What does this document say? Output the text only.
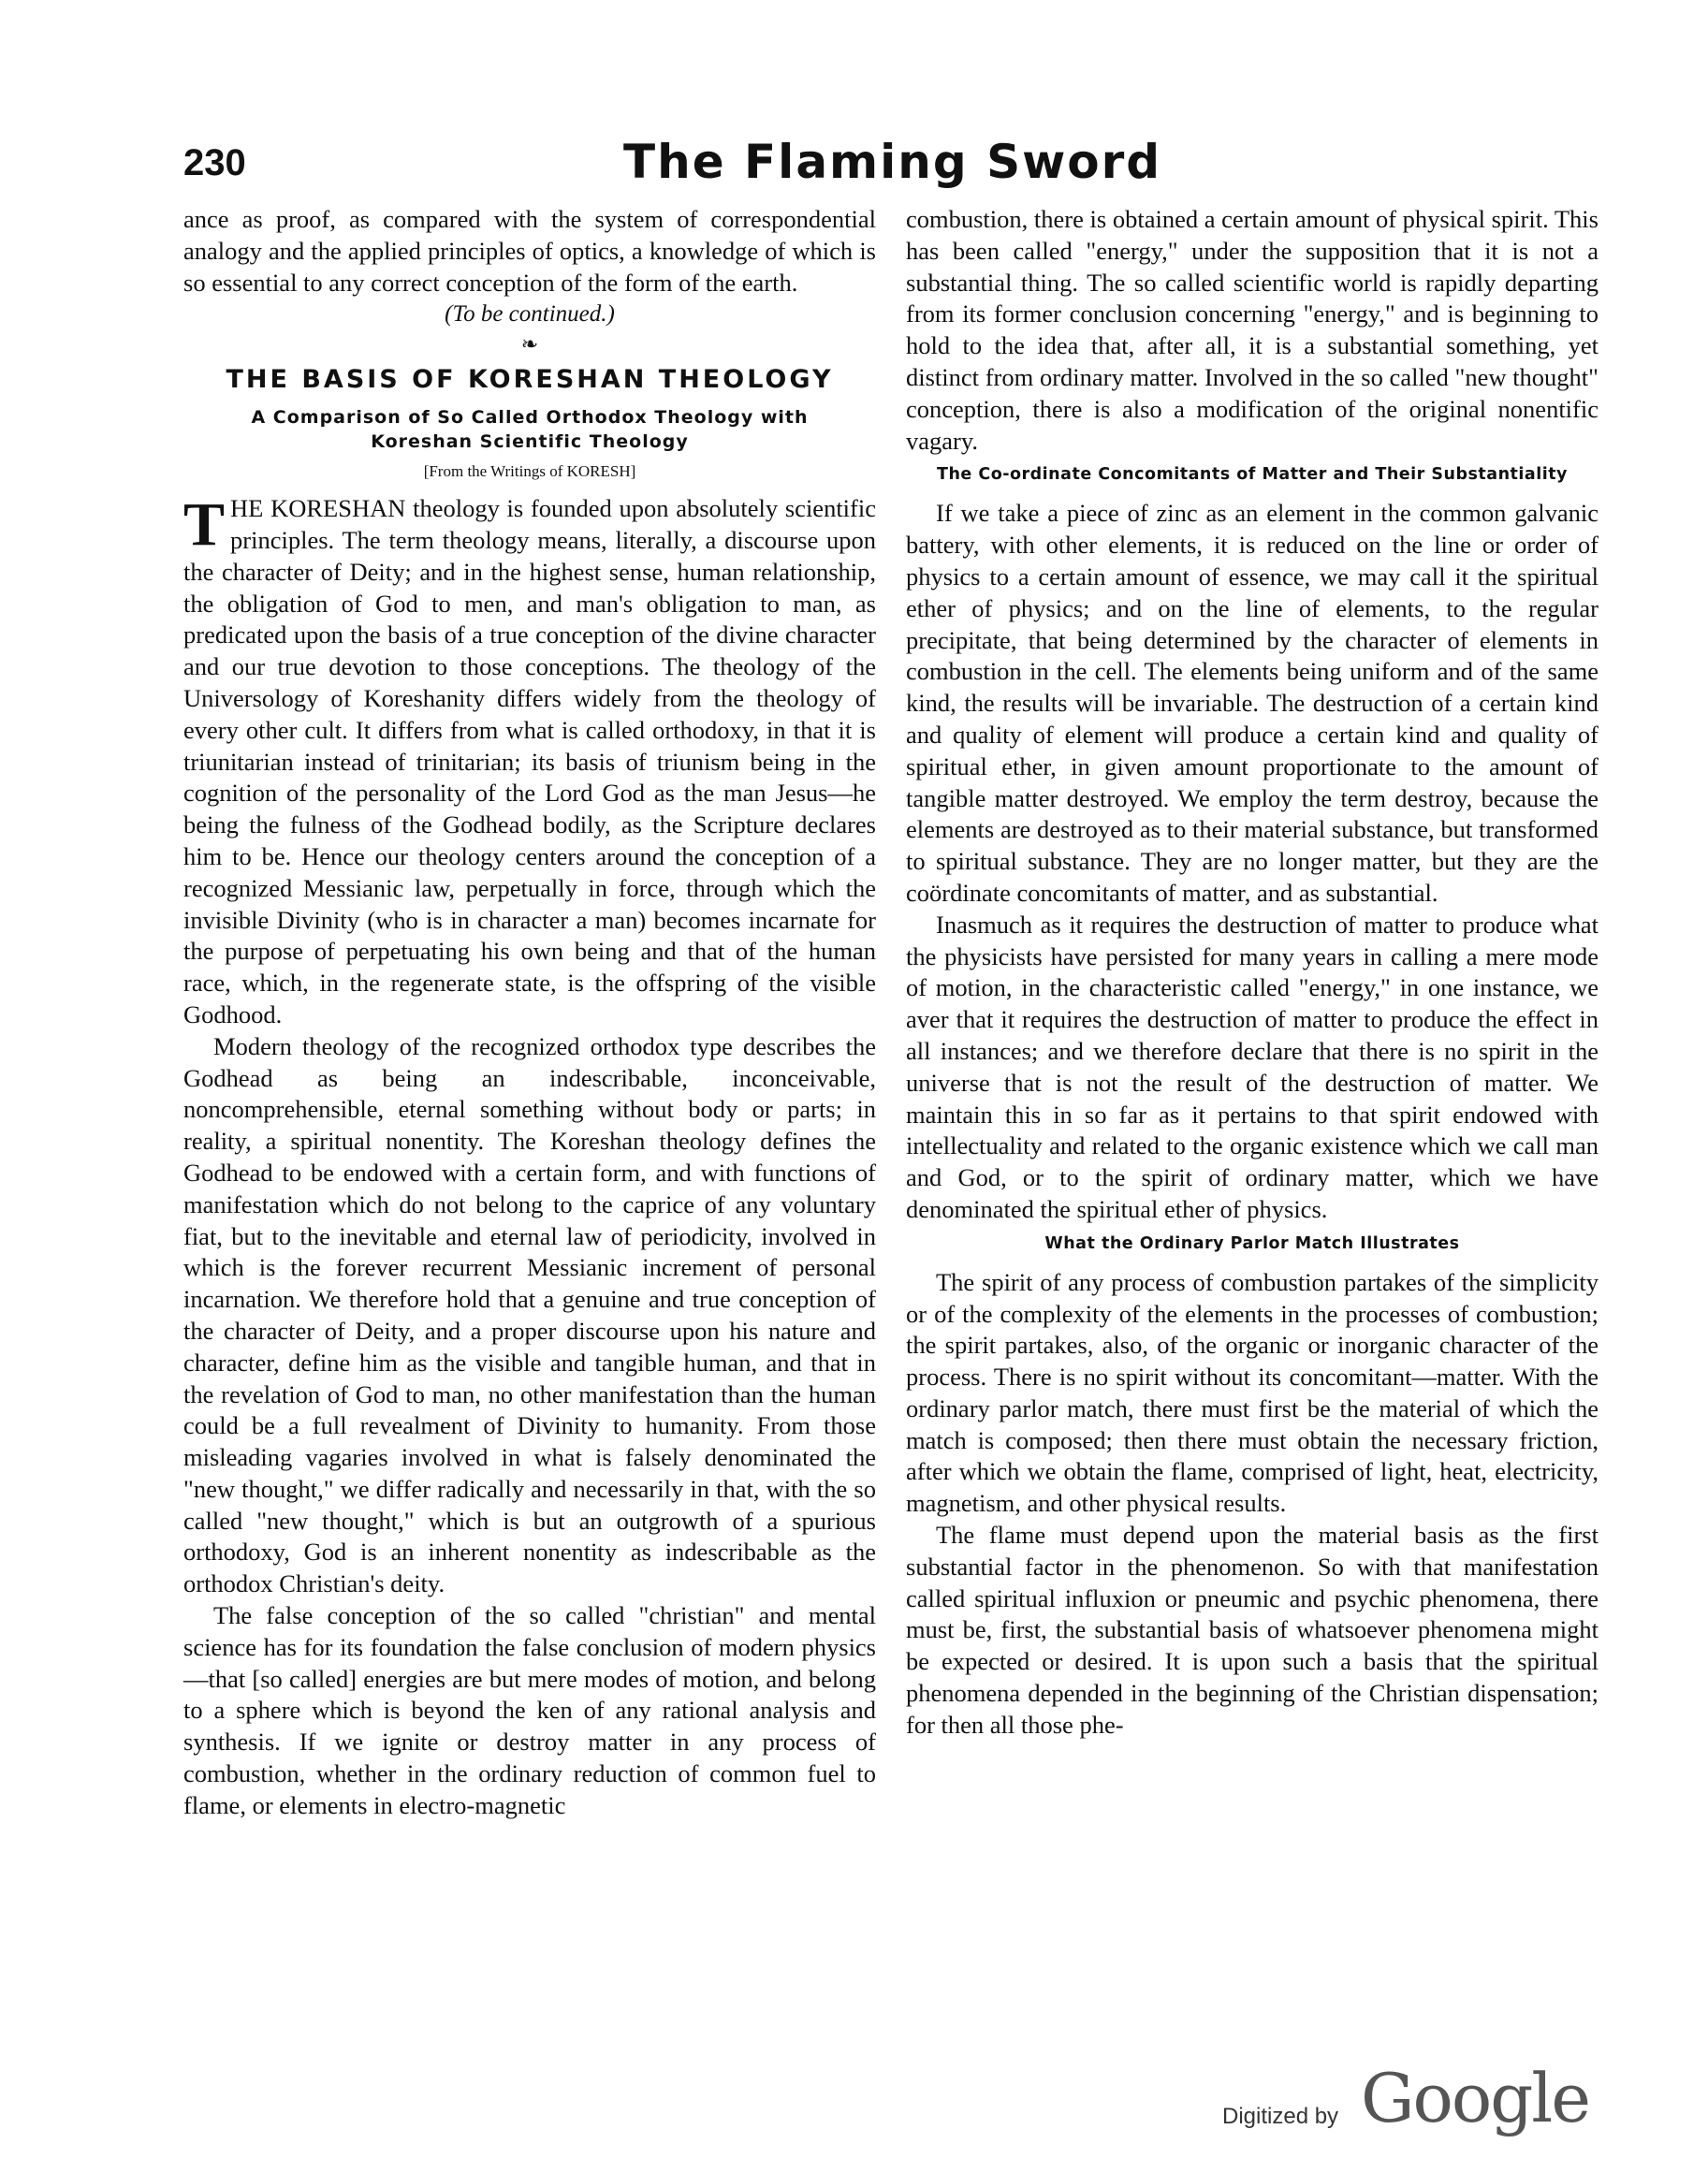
230	The Flaming Sword

ance as proof, as compared with the system of correspondential analogy and the applied principles of optics, a knowledge of which is so essential to any correct conception of the form of the earth.

(To be continued.)

❧

THE BASIS OF KORESHAN THEOLOGY
A Comparison of So Called Orthodox Theology with Koreshan Scientific Theology
[From the Writings of KORESH]

THE KORESHAN theology is founded upon absolutely scientific principles. The term theology means, literally, a discourse upon the character of Deity; and in the highest sense, human relationship, the obligation of God to men, and man's obligation to man, as predicated upon the basis of a true conception of the divine character and our true devotion to those conceptions. The theology of the Universology of Koreshanity differs widely from the theology of every other cult. It differs from what is called orthodoxy, in that it is triunitarian instead of trinitarian; its basis of triunism being in the cognition of the personality of the Lord God as the man Jesus—he being the fulness of the Godhead bodily, as the Scripture declares him to be. Hence our theology centers around the conception of a recognized Messianic law, perpetually in force, through which the invisible Divinity (who is in character a man) becomes incarnate for the purpose of perpetuating his own being and that of the human race, which, in the regenerate state, is the offspring of the visible Godhood.

Modern theology of the recognized orthodox type describes the Godhead as being an indescribable, inconceivable, noncomprehensible, eternal something without body or parts; in reality, a spiritual nonentity. The Koreshan theology defines the Godhead to be endowed with a certain form, and with functions of manifestation which do not belong to the caprice of any voluntary fiat, but to the inevitable and eternal law of periodicity, involved in which is the forever recurrent Messianic increment of personal incarnation. We therefore hold that a genuine and true conception of the character of Deity, and a proper discourse upon his nature and character, define him as the visible and tangible human, and that in the revelation of God to man, no other manifestation than the human could be a full revealment of Divinity to humanity. From those misleading vagaries involved in what is falsely denominated the "new thought," we differ radically and necessarily in that, with the so called "new thought," which is but an outgrowth of a spurious orthodoxy, God is an inherent nonentity as indescribable as the orthodox Christian's deity.

The false conception of the so called "christian" and mental science has for its foundation the false conclusion of modern physics—that [so called] energies are but mere modes of motion, and belong to a sphere which is beyond the ken of any rational analysis and synthesis. If we ignite or destroy matter in any process of combustion, whether in the ordinary reduction of common fuel to flame, or elements in electro-magnetic

combustion, there is obtained a certain amount of physical spirit. This has been called "energy," under the supposition that it is not a substantial thing. The so called scientific world is rapidly departing from its former conclusion concerning "energy," and is beginning to hold to the idea that, after all, it is a substantial something, yet distinct from ordinary matter. Involved in the so called "new thought" conception, there is also a modification of the original nonentific vagary.

The Co-ordinate Concomitants of Matter and Their Substantiality

If we take a piece of zinc as an element in the common galvanic battery, with other elements, it is reduced on the line or order of physics to a certain amount of essence, we may call it the spiritual ether of physics; and on the line of elements, to the regular precipitate, that being determined by the character of elements in combustion in the cell. The elements being uniform and of the same kind, the results will be invariable. The destruction of a certain kind and quality of element will produce a certain kind and quality of spiritual ether, in given amount proportionate to the amount of tangible matter destroyed. We employ the term destroy, because the elements are destroyed as to their material substance, but transformed to spiritual substance. They are no longer matter, but they are the coördinate concomitants of matter, and as substantial.

Inasmuch as it requires the destruction of matter to produce what the physicists have persisted for many years in calling a mere mode of motion, in the characteristic called "energy," in one instance, we aver that it requires the destruction of matter to produce the effect in all instances; and we therefore declare that there is no spirit in the universe that is not the result of the destruction of matter. We maintain this in so far as it pertains to that spirit endowed with intellectuality and related to the organic existence which we call man and God, or to the spirit of ordinary matter, which we have denominated the spiritual ether of physics.

What the Ordinary Parlor Match Illustrates

The spirit of any process of combustion partakes of the simplicity or of the complexity of the elements in the processes of combustion; the spirit partakes, also, of the organic or inorganic character of the process. There is no spirit without its concomitant—matter. With the ordinary parlor match, there must first be the material of which the match is composed; then there must obtain the necessary friction, after which we obtain the flame, comprised of light, heat, electricity, magnetism, and other physical results.

The flame must depend upon the material basis as the first substantial factor in the phenomenon. So with that manifestation called spiritual influxion or pneumic and psychic phenomena, there must be, first, the substantial basis of whatsoever phenomena might be expected or desired. It is upon such a basis that the spiritual phenomena depended in the beginning of the Christian dispensation; for then all those phe-

Digitized by Google
